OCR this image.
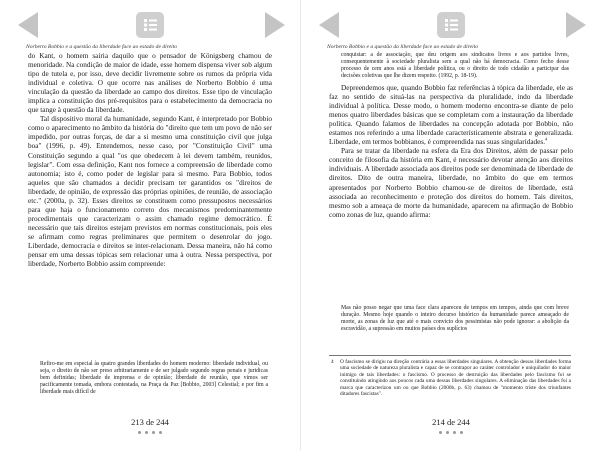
Norberto Bobbio e a questão da liberdade face ao estado de direito

do Kant, o homem sairia daquilo que o pensador de Königsberg chamou de menoridade. Na condição de maior de idade, esse homem dispensa viver sob algum tipo de tutela e, por isso, deve decidir livremente sobre os rumos da própria vida individual e coletiva. O que ocorre nas análises de Norberto Bobbio é uma vinculação da questão da liberdade ao campo dos direitos. Esse tipo de vinculação implica a constituição dos pré-requisitos para o estabelecimento da democracia no que tange à questão da liberdade.

Tal dispositivo moral da humanidade, segundo Kant, é interpretado por Bobbio como o aparecimento no âmbito da história do "direito que tem um povo de não ser impedido, por outras forças, de dar a si mesmo uma constituição civil que julga boa" (1996, p. 49). Entendemos, nesse caso, por "Constituição Civil" uma Constituição segundo a qual "os que obedecem à lei devem também, reunidos, legislar". Com essa definição, Kant nos fornece a compreensão de liberdade como autonomia; isto é, como poder de legislar para si mesmo. Para Bobbio, todos aqueles que são chamados a decidir precisam ter garantidos os "direitos de liberdade, de opinião, de expressão das próprias opiniões, de reunião, de associação etc." (2000a, p. 32). Esses direitos se constituem como pressupostos necessários para que haja o funcionamento correto dos mecanismos predominantemente procedimentais que caracterizam o assim chamado regime democrático. É necessário que tais direitos estejam previstos em normas constitucionais, pois eles se afirmam como regras preliminares que permitem o desenrolar do jogo. Liberdade, democracia e direitos se inter-relacionam. Dessa maneira, não há como pensar em uma dessas tópicas sem relacionar uma à outra. Nessa perspectiva, por liberdade, Norberto Bobbio assim compreende:

Refiro-me em especial às quatro grandes liberdades do homem moderno: liberdade individual, ou seja, o direito de não ser preso arbitrariamente e de ser julgado segundo regras penais e juridicas bem definidas; liberdade de imprensa e de opinião; liberdade de reunião, que vimos ser pacificamente tomada, embora contestada, na Praça da Paz [Bobbio, 2003] Celestial; e por fim a liberdade mais difícil de

213 de 244
Norberto Bobbio e a questão da liberdade face ao estado de direito

conquistar: a de associação, que deu origem aos sindicatos livres e aos partidos livres, consequentemente à sociedade pluralista sem a qual não há democracia. Como fecho desse processo de cem anos está a liberdade política, ou o direito de todo cidadão a participar das decisões coletivas que lhe dizem respeito. (1992, p. 18-19).

Depreendemos que, quando Bobbio faz referências à tópica da liberdade, ele as faz no sentido de situá-las na perspectiva da pluralidade, indo da liberdade individual à política. Desse modo, o homem moderno encontra-se diante de pelo menos quatro liberdades básicas que se completam com a instauração da liberdade política. Quando falamos de liberdades na concepção adotada por Bobbio, não estamos nos referindo a uma liberdade característicamente abstrata e generalizada. Liberdade, em termos bobbianos, é compreendida nas suas singularidades.$^4$

Para se tratar da liberdade na esfera da Era dos Direitos, além de passar pelo conceito de filosofia da história em Kant, é necessário devotar atenção aos direitos individuais. A liberdade associada aos direitos pode ser denominada de liberdade de direitos. Dito de outra maneira, liberdade, no âmbito do que em termos apresentados por Norberto Bobbio chamou-se de direitos de liberdade, está associada ao reconhecimento e proteção dos direitos do homem. Tais direitos, mesmo sob a ameaça de morte da humanidade, aparecem na afirmação de Bobbio como zonas de luz, quando afirma:

Mas não posso negar que uma face clara apareceu de tempos em tempos, ainda que com breve duração. Mesmo hoje quando o inteiro decurso histórico da humanidade parece ameaçado de morte, as zonas de luz que até o mais convicto dos pessimistas não pode ignorar: a abolição da escravidão, a supressão em muitos países dos suplícios

4 O fascismo se dirigiu na direção contrária a essas liberdades singulares. A obtenção dessas liberdades forma uma sociedade de natureza pluralista e capaz de se contrapor ao caráter controlador e uniquilador do maior inimigo de tais liberdades: o fascismo. O processo de destruição das liberdades pelo fascismo foi se constituindo atingindo aos poucos cada uma dessas liberdades singulares. A eliminação das liberdades foi a marca que caracterizou um ou que Bobbio (2000b, p. 63) chamou de "momento triste dos triunfantes ditadores fascistas".
214 de 244
